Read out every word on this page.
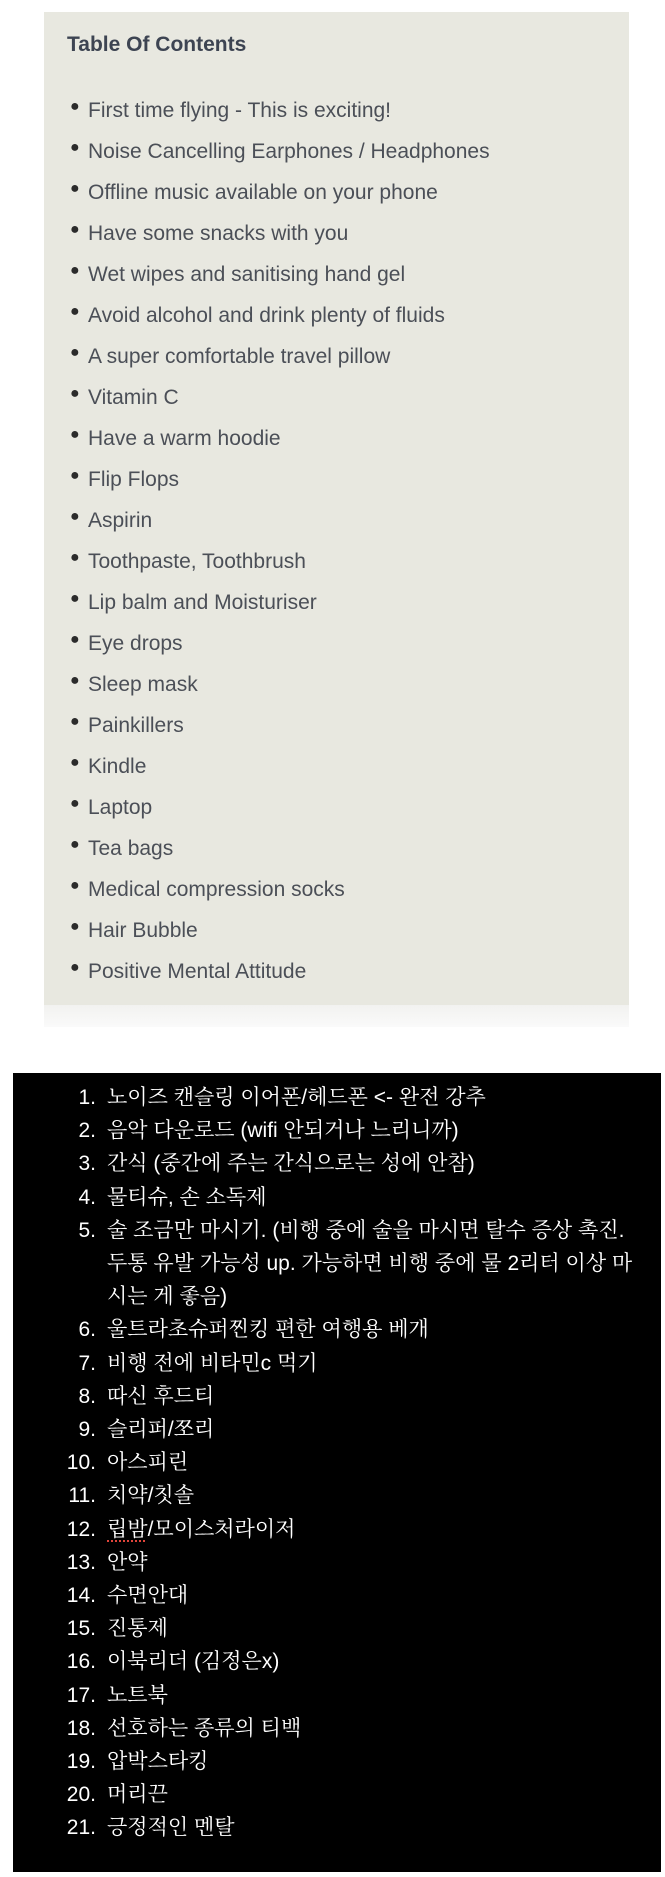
Table Of Contents
● First time flying - This is exciting!
● Noise Cancelling Earphones / Headphones
● Offline music available on your phone
● Have some snacks with you
● Wet wipes and sanitising hand gel
● Avoid alcohol and drink plenty of fluids
● A super comfortable travel pillow
● Vitamin C
● Have a warm hoodie
● Flip Flops
● Aspirin
● Toothpaste, Toothbrush
● Lip balm and Moisturiser
● Eye drops
● Sleep mask
● Painkillers
● Kindle
● Laptop
● Tea bags
● Medical compression socks
● Hair Bubble
● Positive Mental Attitude
1. 노이즈 캔슬링 이어폰/헤드폰 <- 완전 강추
2. 음악 다운로드 (wifi 안되거나 느리니까)
3. 간식 (중간에 주는 간식으로는 성에 안참)
4. 물티슈, 손 소독제
5. 술 조금만 마시기. (비행 중에 술을 마시면 탈수 증상 촉진. 두통 유발 가능성 up. 가능하면 비행 중에 물 2리터 이상 마시는 게 좋음)
6. 울트라초슈퍼찐킹 편한 여행용 베개
7. 비행 전에 비타민c 먹기
8. 따신 후드티
9. 슬리퍼/쪼리
10. 아스피린
11. 치약/칫솔
12. 립밤/모이스처라이저
13. 안약
14. 수면안대
15. 진통제
16. 이북리더 (김정은x)
17. 노트북
18. 선호하는 종류의 티백
19. 압박스타킹
20. 머리끈
21. 긍정적인 멘탈
